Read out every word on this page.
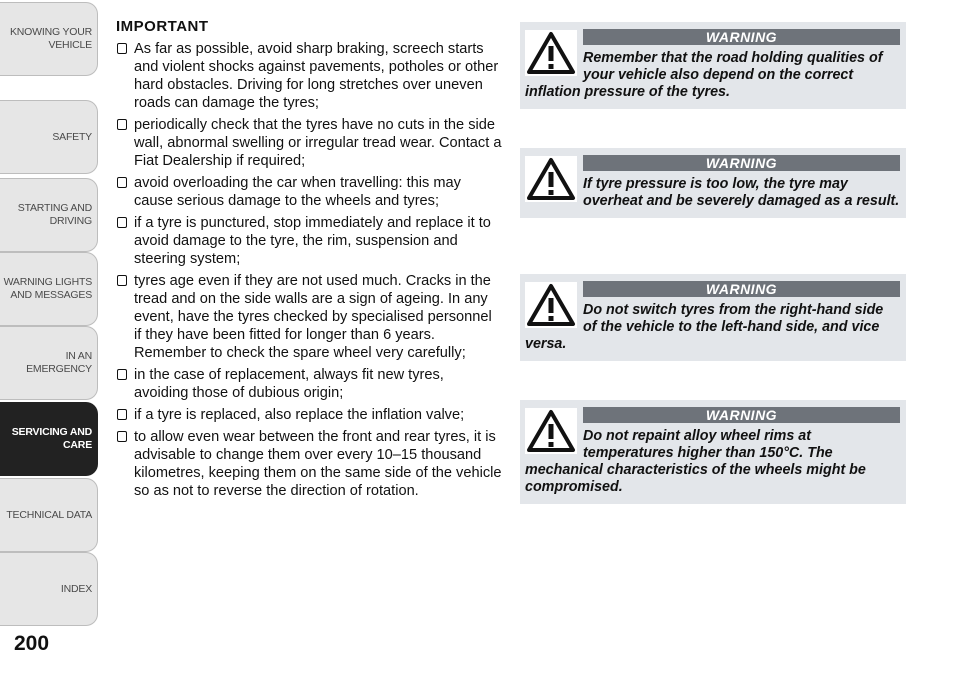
KNOWING YOUR
VEHICLE
SAFETY
STARTING AND
DRIVING
WARNING LIGHTS
AND MESSAGES
IN AN EMERGENCY
SERVICING AND
CARE
TECHNICAL DATA
INDEX
200
IMPORTANT
As far as possible, avoid sharp braking, screech starts and violent shocks against pavements, potholes or other hard obstacles. Driving for long stretches over uneven roads can damage the tyres;
periodically check that the tyres have no cuts in the side wall, abnormal swelling or irregular tread wear. Contact a Fiat Dealership if required;
avoid overloading the car when travelling: this may cause serious damage to the wheels and tyres;
if a tyre is punctured, stop immediately and replace it to avoid damage to the tyre, the rim, suspension and steering system;
tyres age even if they are not used much. Cracks in the tread and on the side walls are a sign of ageing. In any event, have the tyres checked by specialised personnel if they have been fitted for longer than 6 years. Remember to check the spare wheel very carefully;
in the case of replacement, always fit new tyres, avoiding those of dubious origin;
if a tyre is replaced, also replace the inflation valve;
to allow even wear between the front and rear tyres, it is advisable to change them over every 10–15 thousand kilometres, keeping them on the same side of the vehicle so as not to reverse the direction of rotation.
WARNING
Remember that the road holding qualities of your vehicle also depend on the correct inflation pressure of the tyres.
WARNING
If tyre pressure is too low, the tyre may overheat and be severely damaged as a result.
WARNING
Do not switch tyres from the right-hand side of the vehicle to the left-hand side, and vice versa.
WARNING
Do not repaint alloy wheel rims at temperatures higher than 150°C. The mechanical characteristics of the wheels might be compromised.
